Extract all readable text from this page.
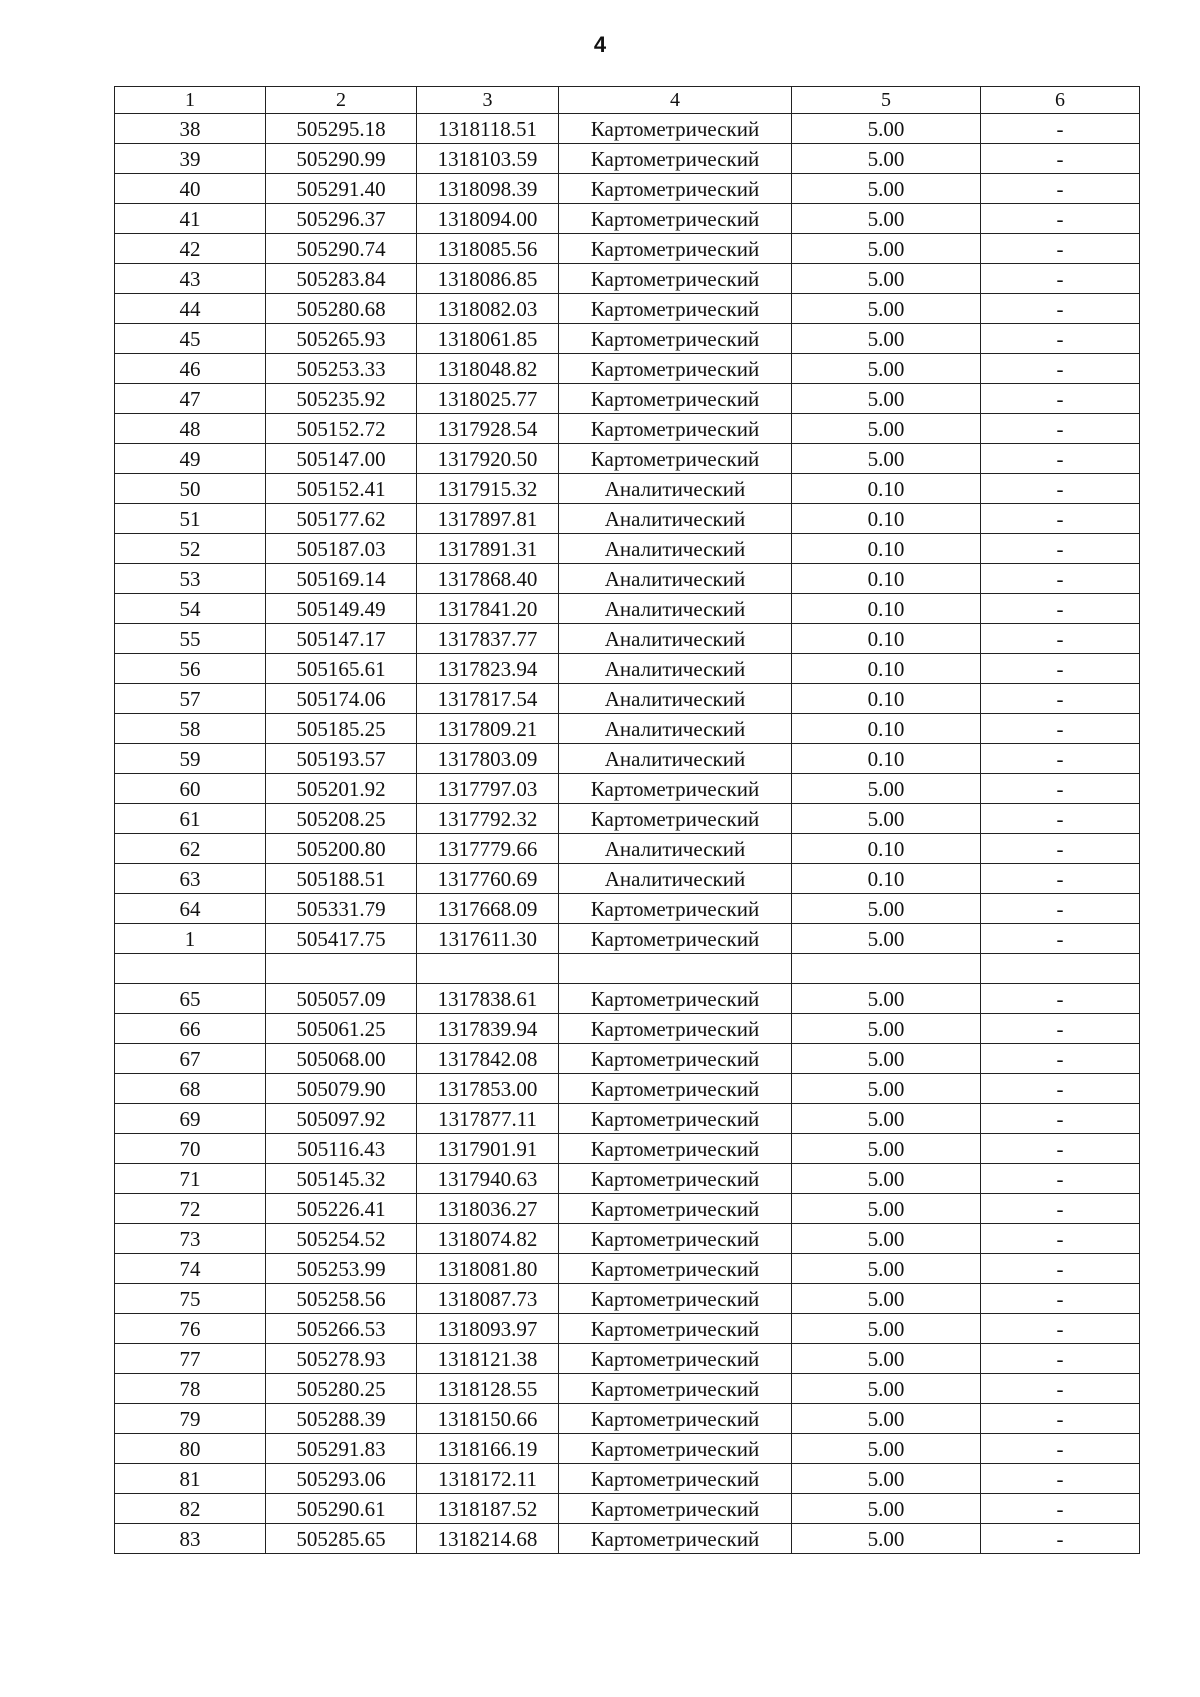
4
1	2	3	4	5	6
38	505295.18	1318118.51	Картометрический	5.00	-
39	505290.99	1318103.59	Картометрический	5.00	-
40	505291.40	1318098.39	Картометрический	5.00	-
41	505296.37	1318094.00	Картометрический	5.00	-
42	505290.74	1318085.56	Картометрический	5.00	-
43	505283.84	1318086.85	Картометрический	5.00	-
44	505280.68	1318082.03	Картометрический	5.00	-
45	505265.93	1318061.85	Картометрический	5.00	-
46	505253.33	1318048.82	Картометрический	5.00	-
47	505235.92	1318025.77	Картометрический	5.00	-
48	505152.72	1317928.54	Картометрический	5.00	-
49	505147.00	1317920.50	Картометрический	5.00	-
50	505152.41	1317915.32	Аналитический	0.10	-
51	505177.62	1317897.81	Аналитический	0.10	-
52	505187.03	1317891.31	Аналитический	0.10	-
53	505169.14	1317868.40	Аналитический	0.10	-
54	505149.49	1317841.20	Аналитический	0.10	-
55	505147.17	1317837.77	Аналитический	0.10	-
56	505165.61	1317823.94	Аналитический	0.10	-
57	505174.06	1317817.54	Аналитический	0.10	-
58	505185.25	1317809.21	Аналитический	0.10	-
59	505193.57	1317803.09	Аналитический	0.10	-
60	505201.92	1317797.03	Картометрический	5.00	-
61	505208.25	1317792.32	Картометрический	5.00	-
62	505200.80	1317779.66	Аналитический	0.10	-
63	505188.51	1317760.69	Аналитический	0.10	-
64	505331.79	1317668.09	Картометрический	5.00	-
1	505417.75	1317611.30	Картометрический	5.00	-

65	505057.09	1317838.61	Картометрический	5.00	-
66	505061.25	1317839.94	Картометрический	5.00	-
67	505068.00	1317842.08	Картометрический	5.00	-
68	505079.90	1317853.00	Картометрический	5.00	-
69	505097.92	1317877.11	Картометрический	5.00	-
70	505116.43	1317901.91	Картометрический	5.00	-
71	505145.32	1317940.63	Картометрический	5.00	-
72	505226.41	1318036.27	Картометрический	5.00	-
73	505254.52	1318074.82	Картометрический	5.00	-
74	505253.99	1318081.80	Картометрический	5.00	-
75	505258.56	1318087.73	Картометрический	5.00	-
76	505266.53	1318093.97	Картометрический	5.00	-
77	505278.93	1318121.38	Картометрический	5.00	-
78	505280.25	1318128.55	Картометрический	5.00	-
79	505288.39	1318150.66	Картометрический	5.00	-
80	505291.83	1318166.19	Картометрический	5.00	-
81	505293.06	1318172.11	Картометрический	5.00	-
82	505290.61	1318187.52	Картометрический	5.00	-
83	505285.65	1318214.68	Картометрический	5.00	-
